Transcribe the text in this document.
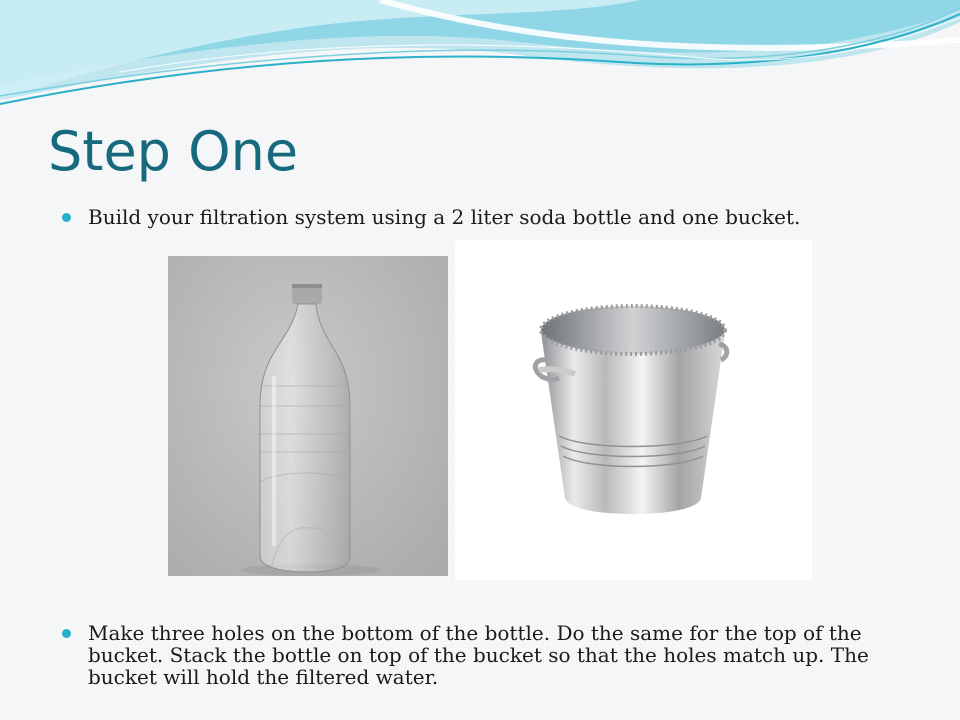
Step One
Build your filtration system using a 2 liter soda bottle and one bucket.
Make three holes on the bottom of the bottle. Do the same for the top of the bucket. Stack the bottle on top of the bucket so that the holes match up. The bucket will hold the filtered water.
